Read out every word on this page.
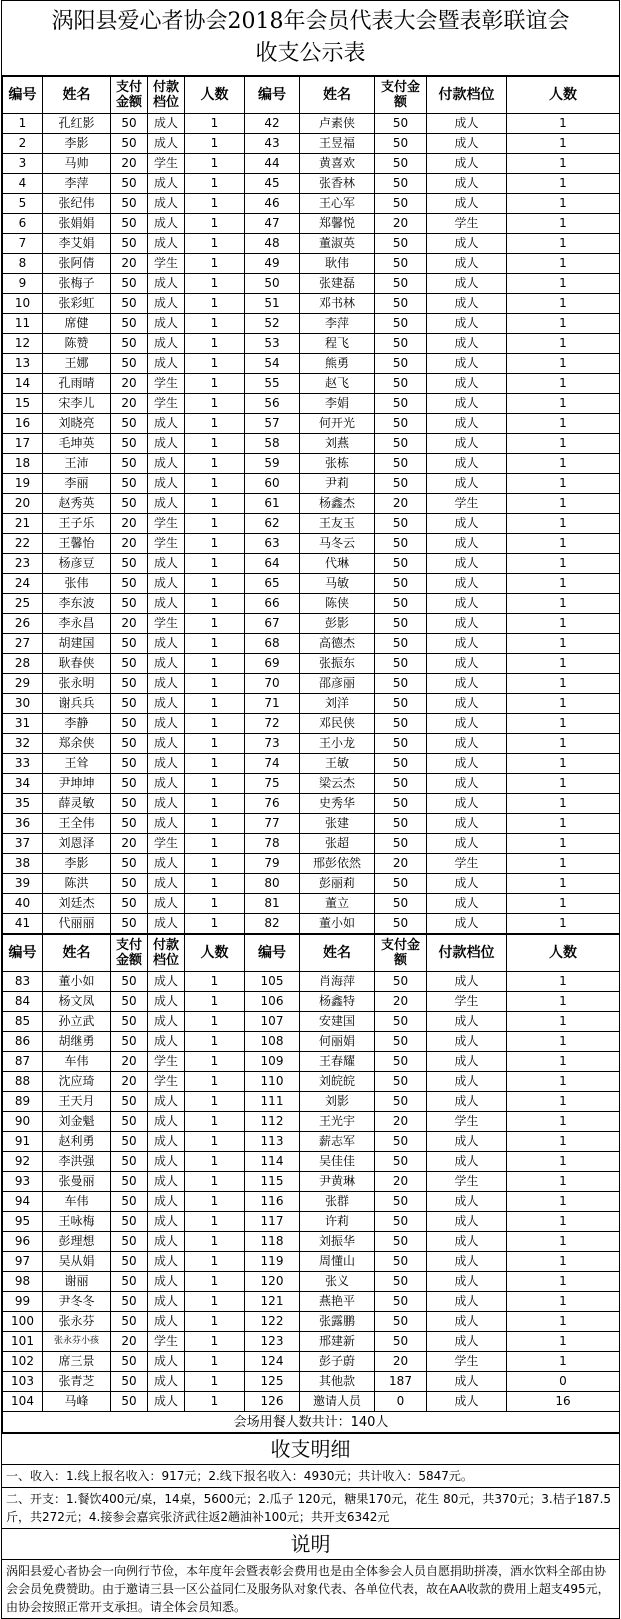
涡阳县爱心者协会2018年会员代表大会暨表彰联谊会
收支公示表
编号	姓名	支付金额	付款档位	人数	编号	姓名	支付金额	付款档位	人数
1	孔红影	50	成人	1	42	卢素侠	50	成人	1
2	李影	50	成人	1	43	王昱福	50	成人	1
3	马帅	20	学生	1	44	黄喜欢	50	成人	1
4	李萍	50	成人	1	45	张香林	50	成人	1
5	张纪伟	50	成人	1	46	王心军	50	成人	1
6	张娟娟	50	成人	1	47	郑馨悦	20	学生	1
7	李艾娟	50	成人	1	48	董淑英	50	成人	1
8	张阿倩	20	学生	1	49	耿伟	50	成人	1
9	张梅子	50	成人	1	50	张建磊	50	成人	1
10	张彩虹	50	成人	1	51	邓书林	50	成人	1
11	席健	50	成人	1	52	李萍	50	成人	1
12	陈赞	50	成人	1	53	程飞	50	成人	1
13	王娜	50	成人	1	54	熊勇	50	成人	1
14	孔雨晴	20	学生	1	55	赵飞	50	成人	1
15	宋李儿	20	学生	1	56	李娟	50	成人	1
16	刘晓亮	50	成人	1	57	何开光	50	成人	1
17	毛坤英	50	成人	1	58	刘燕	50	成人	1
18	王沛	50	成人	1	59	张栋	50	成人	1
19	李丽	50	成人	1	60	尹莉	50	成人	1
20	赵秀英	50	成人	1	61	杨鑫杰	20	学生	1
21	王子乐	20	学生	1	62	王友玉	50	成人	1
22	王馨怡	20	学生	1	63	马冬云	50	成人	1
23	杨彦豆	50	成人	1	64	代琳	50	成人	1
24	张伟	50	成人	1	65	马敏	50	成人	1
25	李东波	50	成人	1	66	陈侠	50	成人	1
26	李永昌	20	学生	1	67	彭影	50	成人	1
27	胡建国	50	成人	1	68	高德杰	50	成人	1
28	耿春侠	50	成人	1	69	张振东	50	成人	1
29	张永明	50	成人	1	70	邵彦丽	50	成人	1
30	谢兵兵	50	成人	1	71	刘洋	50	成人	1
31	李静	50	成人	1	72	邓民侠	50	成人	1
32	郑余侠	50	成人	1	73	王小龙	50	成人	1
33	王耸	50	成人	1	74	王敏	50	成人	1
34	尹坤坤	50	成人	1	75	梁云杰	50	成人	1
35	薛灵敏	50	成人	1	76	史秀华	50	成人	1
36	王全伟	50	成人	1	77	张建	50	成人	1
37	刘恩泽	20	学生	1	78	张超	50	成人	1
38	李影	50	成人	1	79	邢彭依然	20	学生	1
39	陈洪	50	成人	1	80	彭丽莉	50	成人	1
40	刘廷杰	50	成人	1	81	董立	50	成人	1
41	代丽丽	50	成人	1	82	董小如	50	成人	1
编号	姓名	支付金额	付款档位	人数	编号	姓名	支付金额	付款档位	人数
83	董小如	50	成人	1	105	肖海萍	50	成人	1
84	杨文凤	50	成人	1	106	杨鑫特	20	学生	1
85	孙立武	50	成人	1	107	安建国	50	成人	1
86	胡继勇	50	成人	1	108	何丽娟	50	成人	1
87	车伟	20	学生	1	109	王春耀	50	成人	1
88	沈应琦	20	学生	1	110	刘皖皖	50	成人	1
89	王天月	50	成人	1	111	刘影	50	成人	1
90	刘金魁	50	成人	1	112	王光宇	20	学生	1
91	赵利勇	50	成人	1	113	薪志军	50	成人	1
92	李洪强	50	成人	1	114	吴佳佳	50	成人	1
93	张曼丽	50	成人	1	115	尹黄琳	20	学生	1
94	车伟	50	成人	1	116	张群	50	成人	1
95	王咏梅	50	成人	1	117	许莉	50	成人	1
96	彭理想	50	成人	1	118	刘振华	50	成人	1
97	吴从娟	50	成人	1	119	周懂山	50	成人	1
98	谢丽	50	成人	1	120	张义	50	成人	1
99	尹冬冬	50	成人	1	121	燕艳平	50	成人	1
100	张永芬	50	成人	1	122	张露鹏	50	成人	1
101	张永芬小孩	20	学生	1	123	邢建新	50	成人	1
102	席三景	50	成人	1	124	彭子蔚	20	学生	1
103	张青芝	50	成人	1	125	其他款	187	成人	0
104	马峰	50	成人	1	126	邀请人员	0	成人	16
会场用餐人数共计：140人									
收支明细
一、收入：1.线上报名收入：917元；2.线下报名收入：4930元；共计收入：5847元。
二、开支：1.餐饮400元/桌，14桌，5600元；2.瓜子 120元，糖果170元，花生 80元，共370元；3.桔子187.5斤，共272元；4.接参会嘉宾张济武往返2趟油补100元；共开支6342元
说明
涡阳县爱心者协会一向例行节俭，本年度年会暨表彰会费用也是由全体参会人员自愿捐助拼凑，酒水饮料全部由协会会员免费赞助。由于邀请三县一区公益同仁及服务队对象代表、各单位代表，故在AA收款的费用上超支495元，由协会按照正常开支承担。请全体会员知悉。
